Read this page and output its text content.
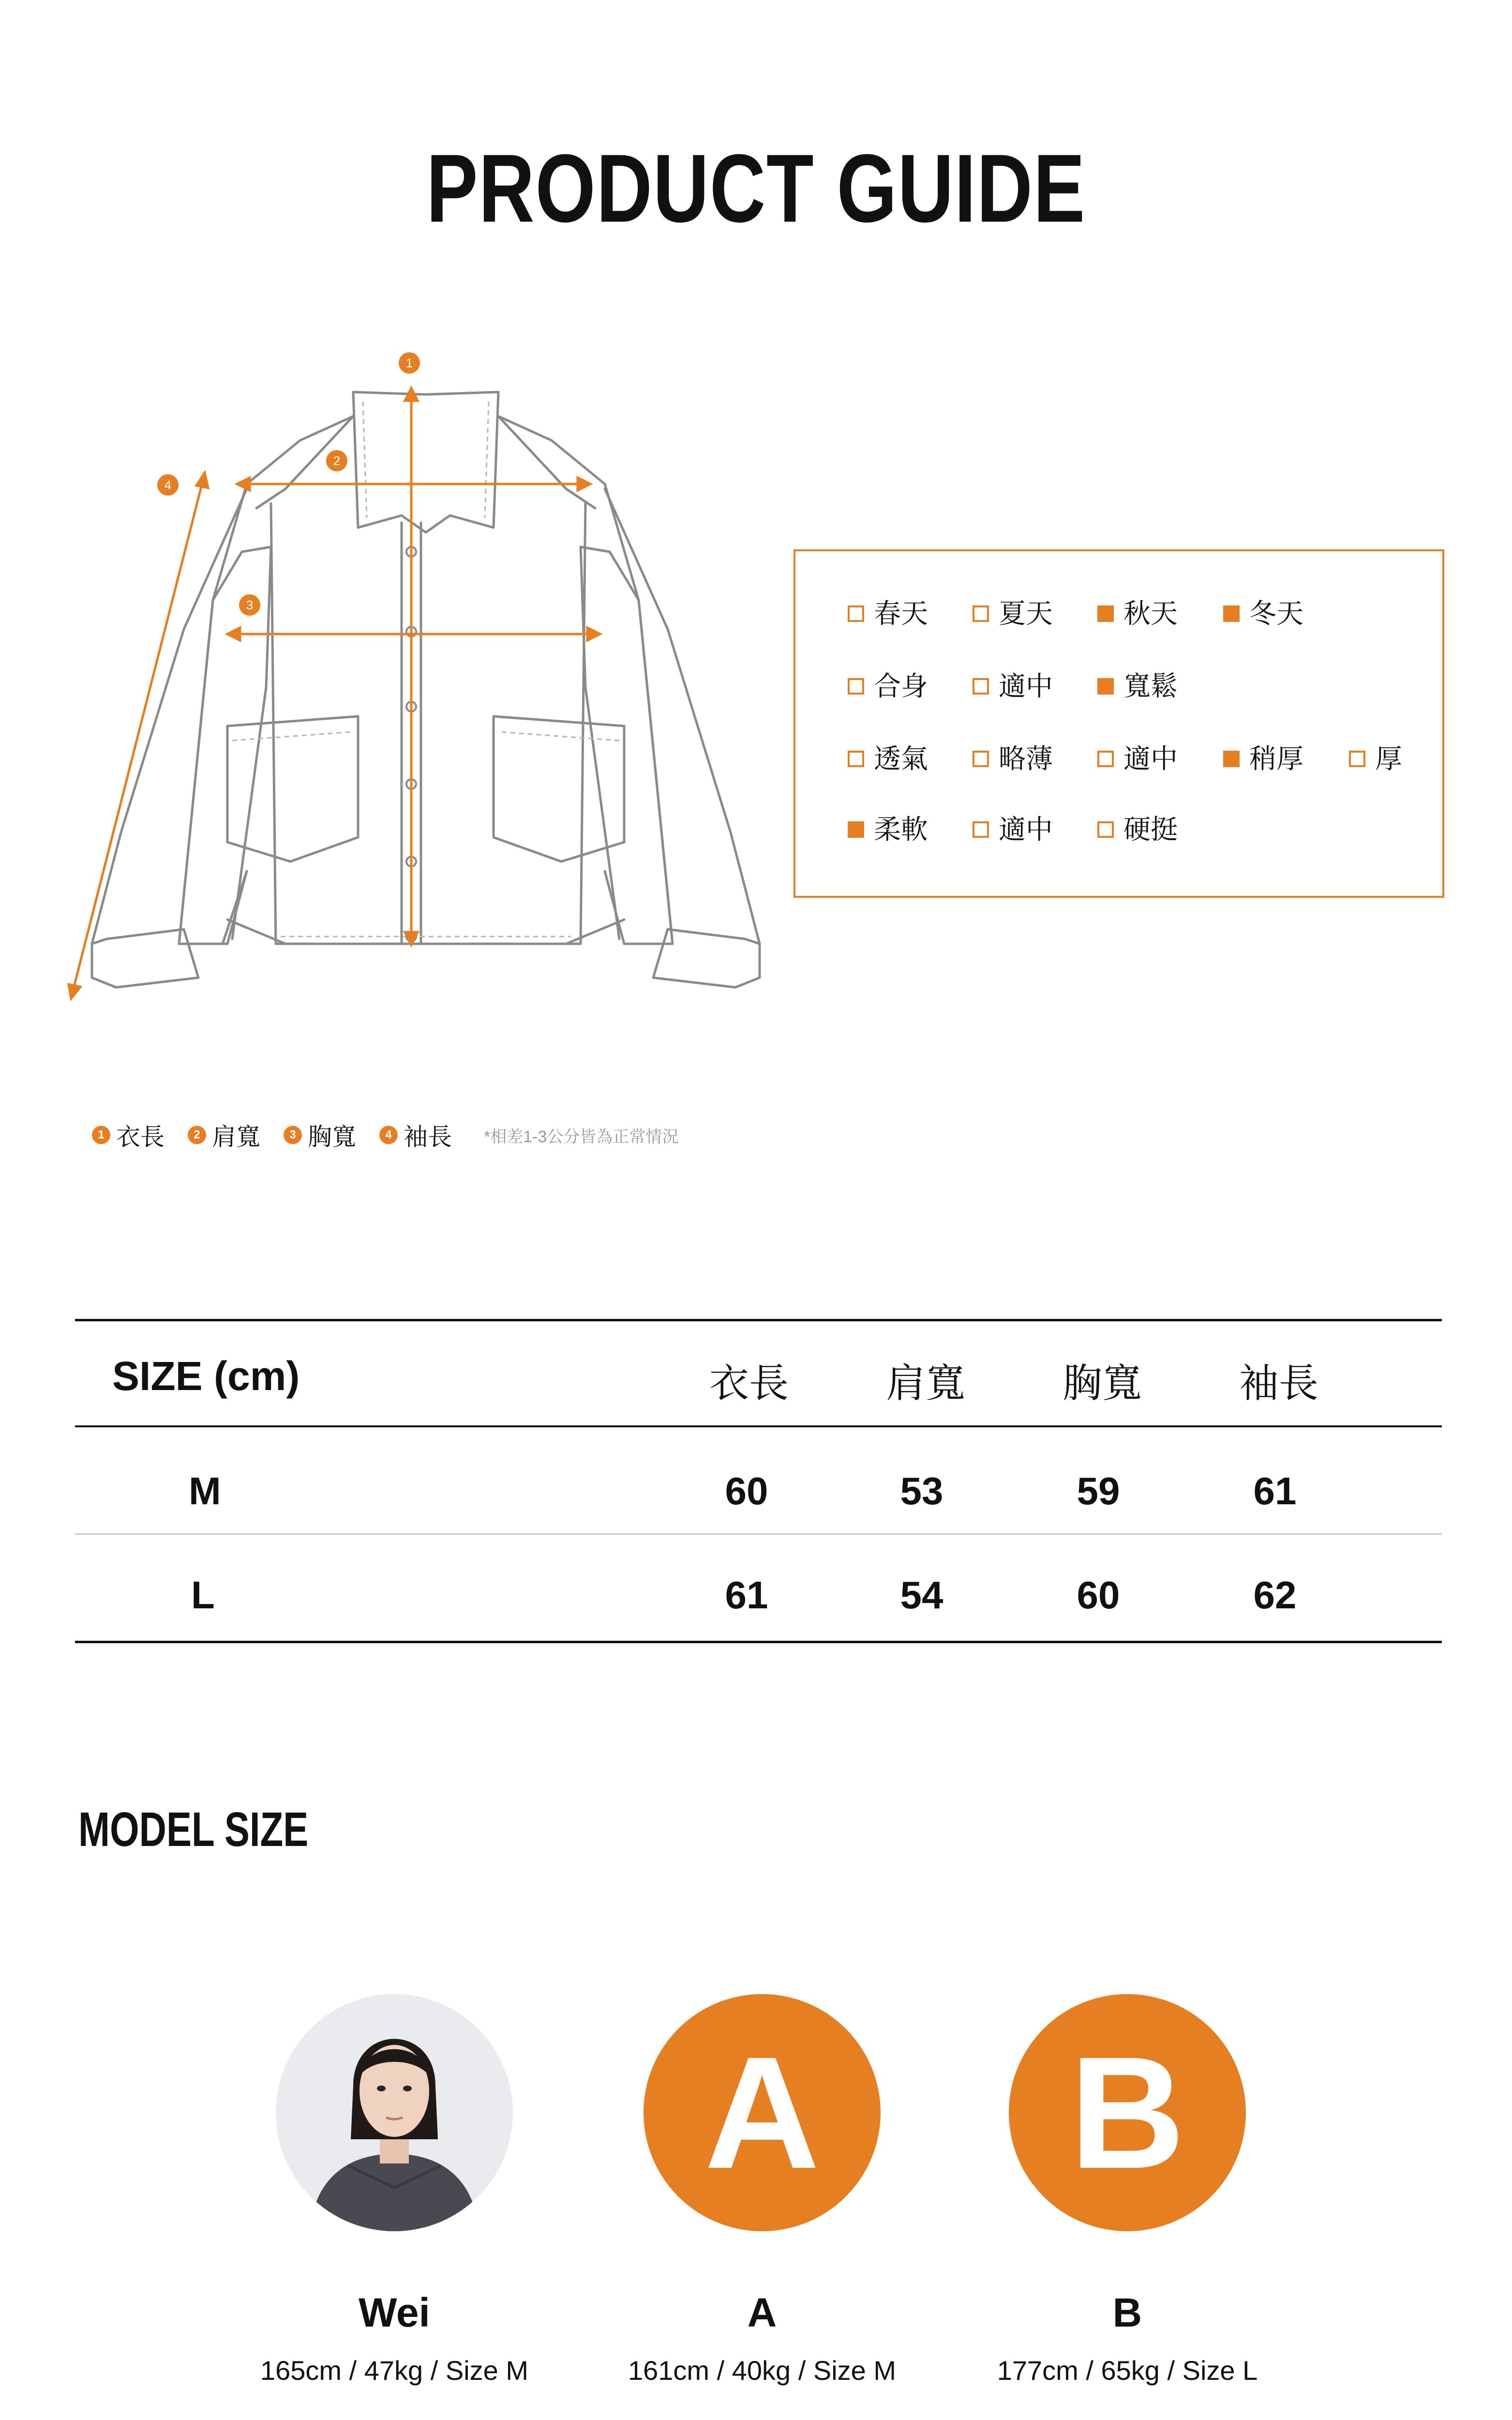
PRODUCT GUIDE
1
2
3
4
春天	夏天	秋天	冬天
合身	適中	寬鬆
透氣	略薄	適中	稍厚	厚
柔軟	適中	硬挺
1 衣長	2 肩寬	3 胸寬	4 袖長 *相差1-3公分皆為正常情況
SIZE (cm)	衣長	肩寬	胸寬	袖長
M	60	53	59	61
L	61	54	60	62
MODEL SIZE
A	B
Wei	A	B
165cm / 47kg / Size M	161cm / 40kg / Size M	177cm / 65kg / Size L
